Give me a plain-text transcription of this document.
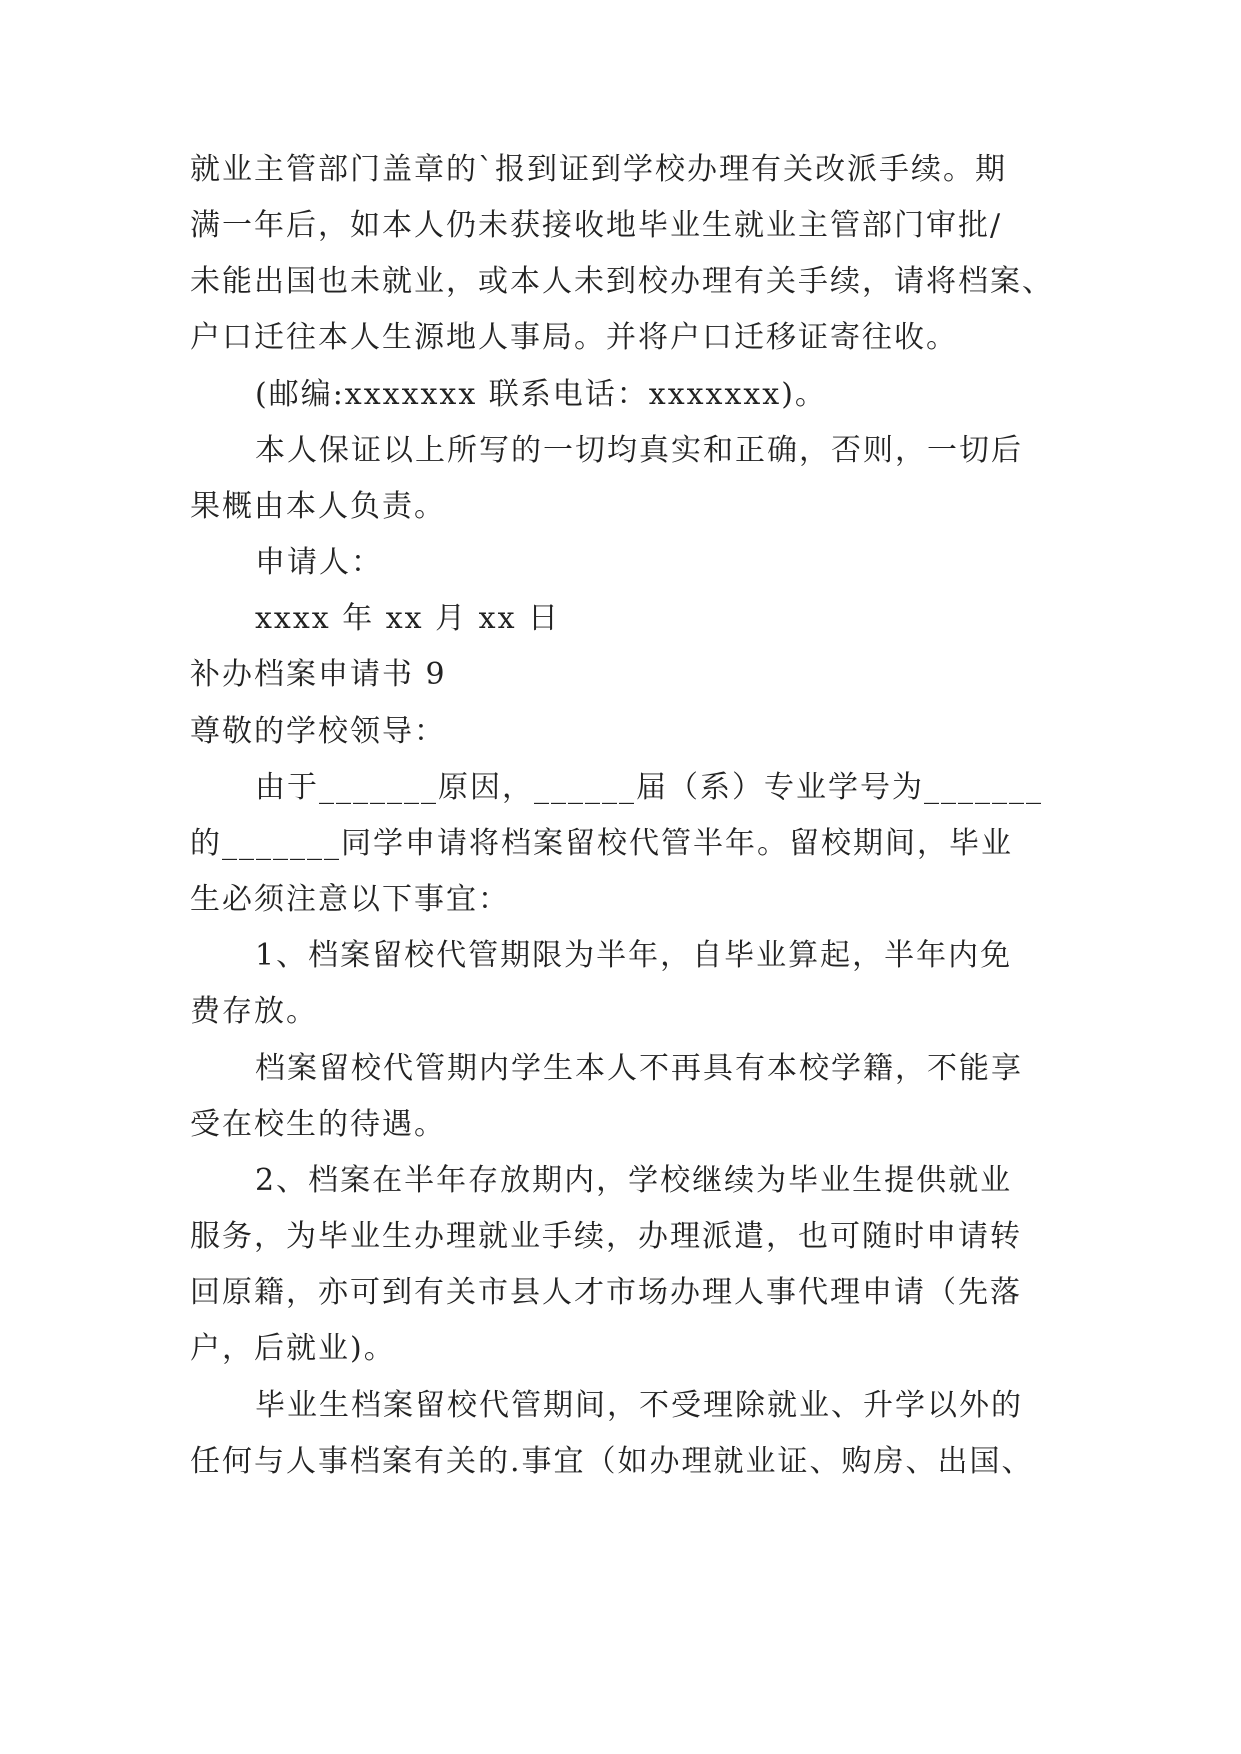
就业主管部门盖章的`报到证到学校办理有关改派手续。期
满一年后，如本人仍未获接收地毕业生就业主管部门审批/
未能出国也未就业，或本人未到校办理有关手续，请将档案、
户口迁往本人生源地人事局。并将户口迁移证寄往收。
(邮编:xxxxxxx 联系电话：xxxxxxx)。
本人保证以上所写的一切均真实和正确，否则，一切后
果概由本人负责。
申请人：
xxxx 年 xx 月 xx 日
补办档案申请书 9
尊敬的学校领导：
由于_______原因，______届（系）专业学号为_______
的_______同学申请将档案留校代管半年。留校期间，毕业
生必须注意以下事宜：
1、档案留校代管期限为半年，自毕业算起，半年内免
费存放。
档案留校代管期内学生本人不再具有本校学籍，不能享
受在校生的待遇。
2、档案在半年存放期内，学校继续为毕业生提供就业
服务，为毕业生办理就业手续，办理派遣，也可随时申请转
回原籍，亦可到有关市县人才市场办理人事代理申请（先落
户，后就业)。
毕业生档案留校代管期间，不受理除就业、升学以外的
任何与人事档案有关的.事宜（如办理就业证、购房、出国、
